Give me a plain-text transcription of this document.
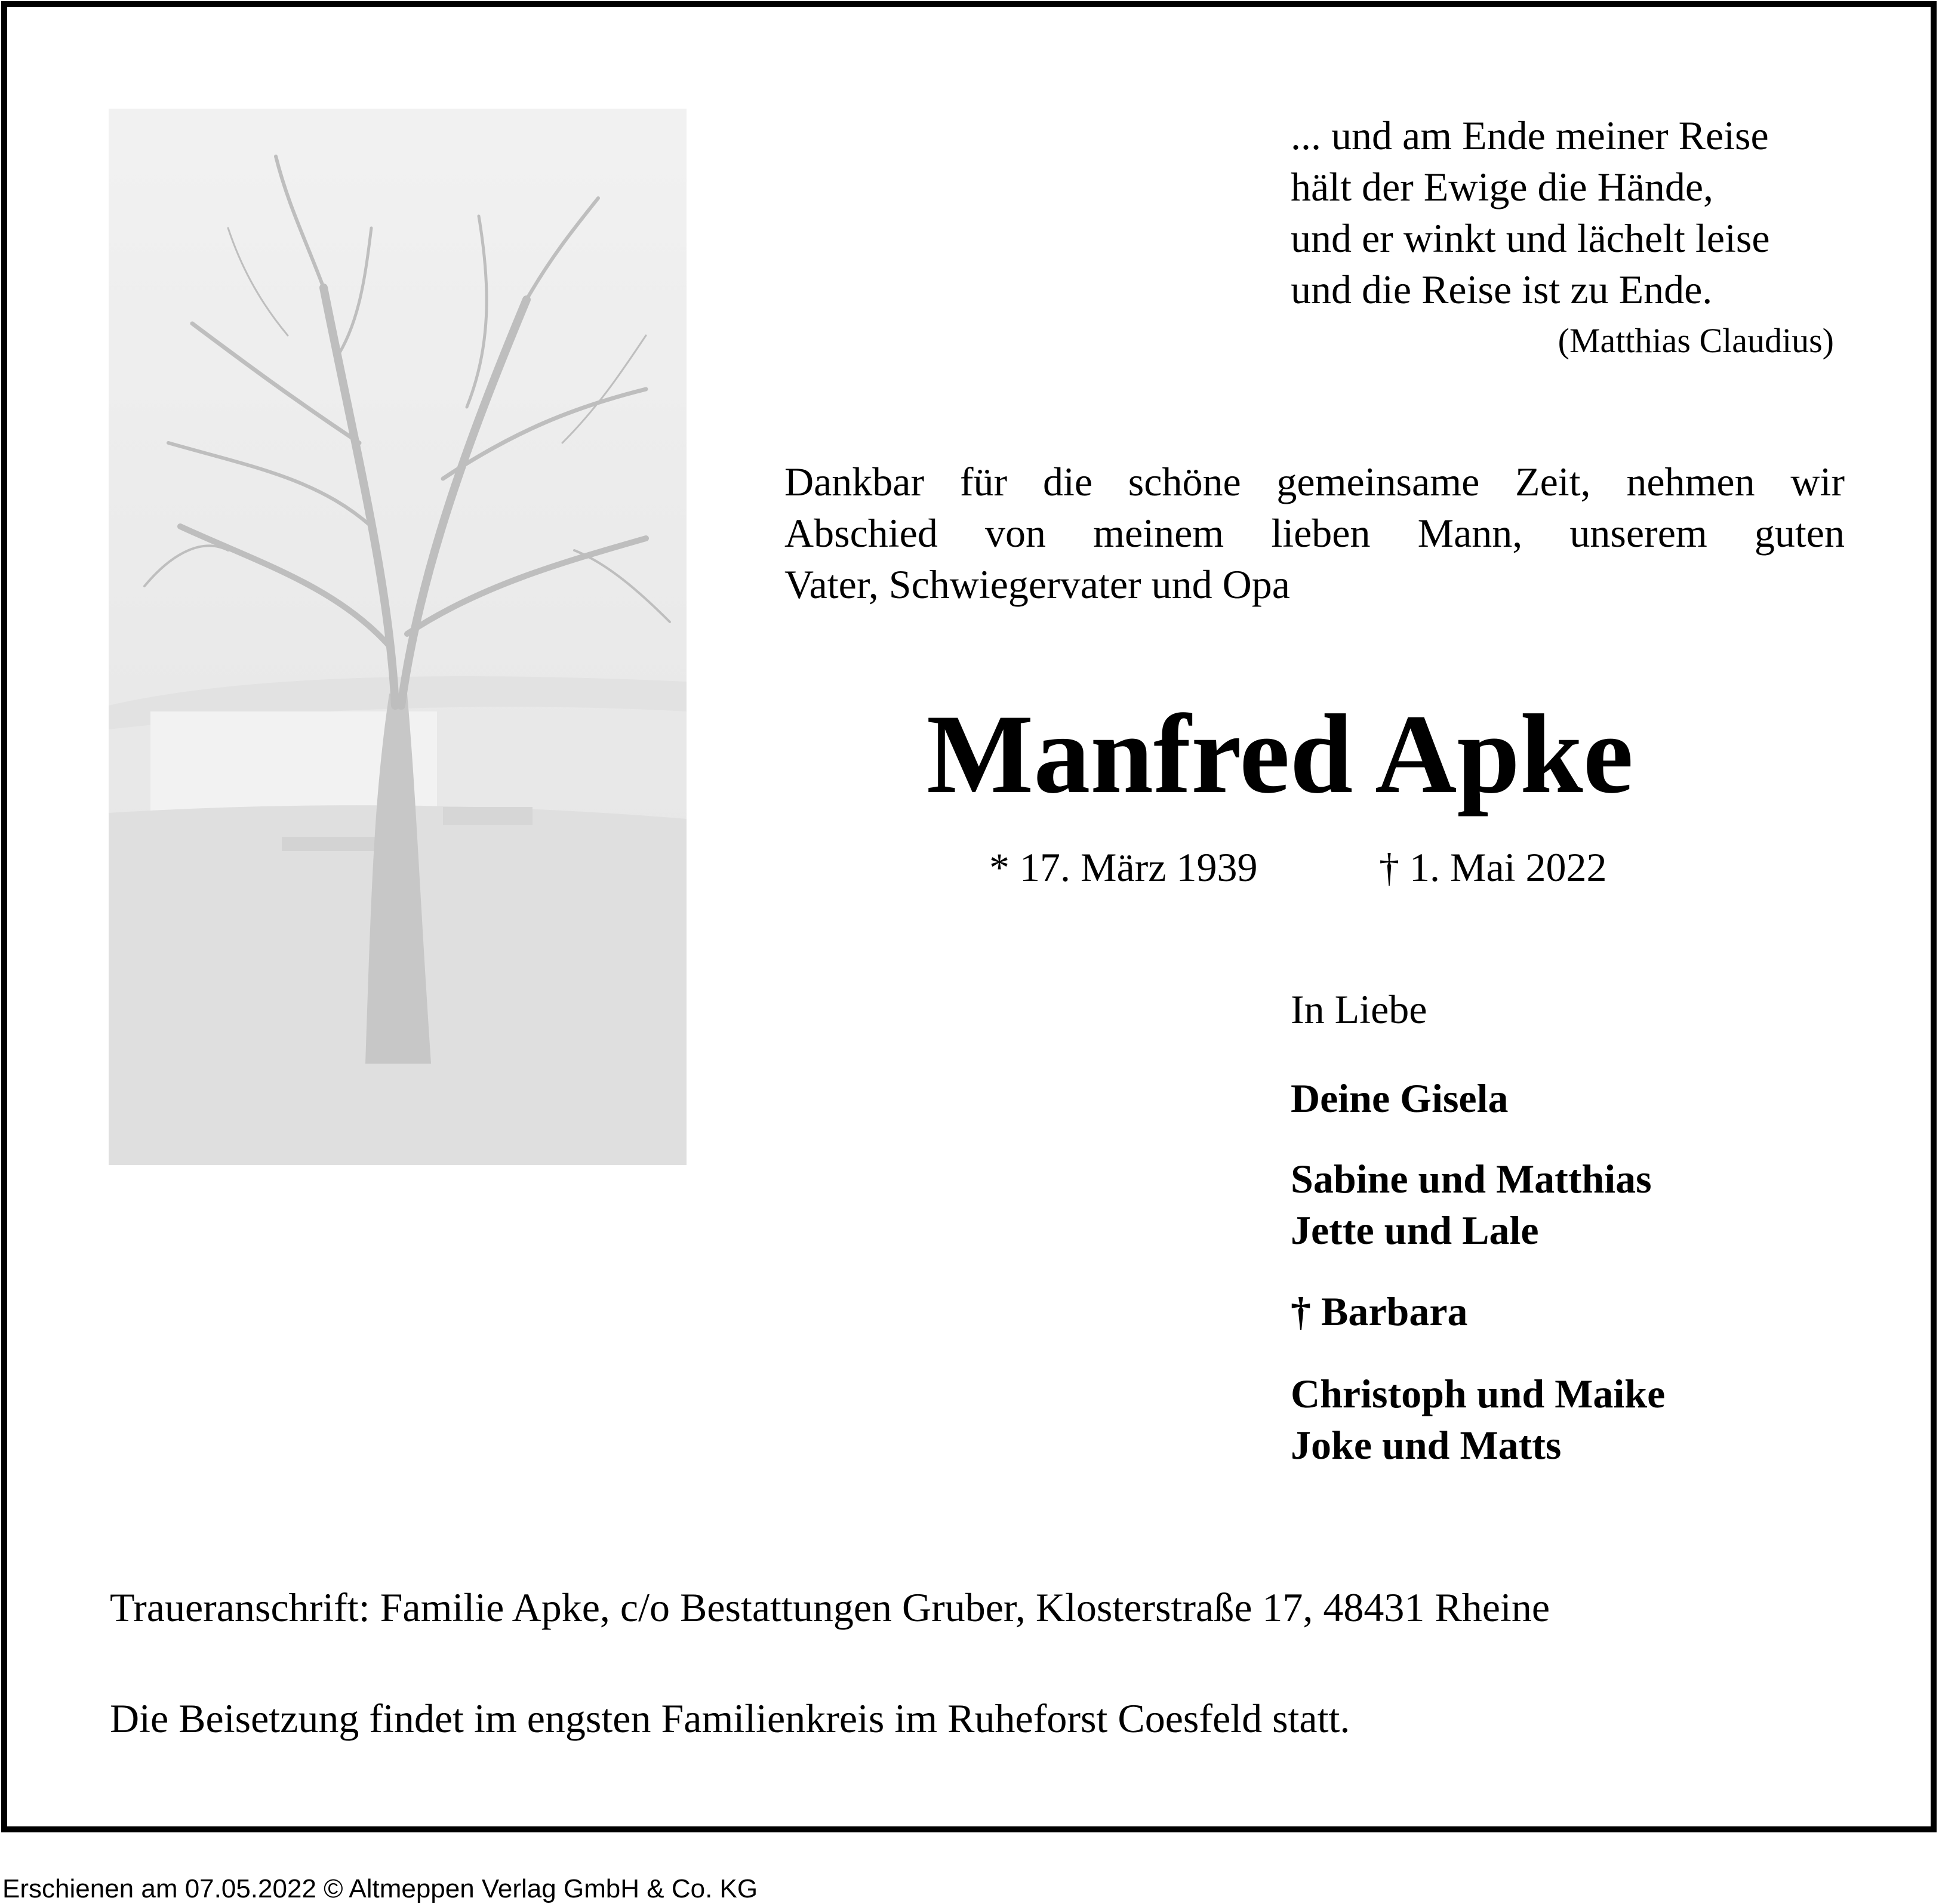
... und am Ende meiner Reise
hält der Ewige die Hände,
und er winkt und lächelt leise
und die Reise ist zu Ende.
(Matthias Claudius)
Dankbar für die schöne gemeinsame Zeit, nehmen wir
Abschied von meinem lieben Mann, unserem guten
Vater, Schwiegervater und Opa
Manfred Apke
* 17. März 1939	† 1. Mai 2022
In Liebe
Deine Gisela
Sabine und Matthias
Jette und Lale
† Barbara
Christoph und Maike
Joke und Matts
Traueranschrift: Familie Apke, c/o Bestattungen Gruber, Klosterstraße 17, 48431 Rheine
Die Beisetzung findet im engsten Familienkreis im Ruheforst Coesfeld statt.
Erschienen am 07.05.2022 © Altmeppen Verlag GmbH & Co. KG
